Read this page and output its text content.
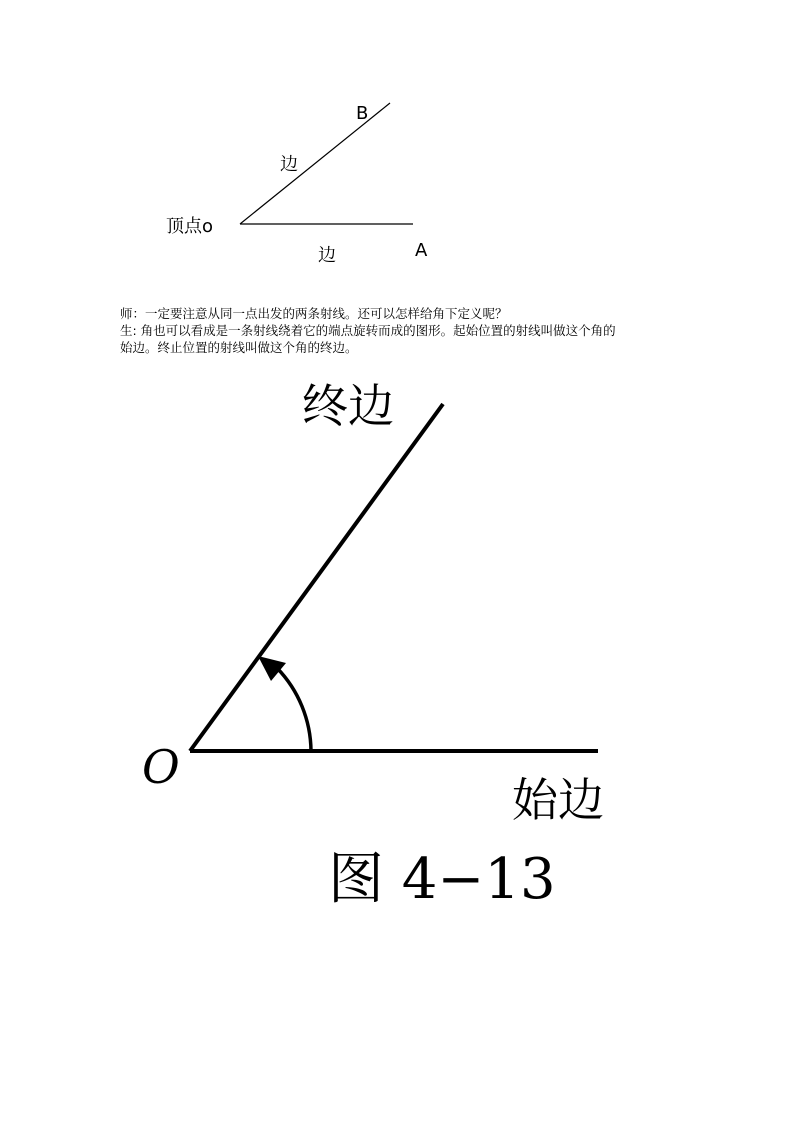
B
边
顶点o
A
边

师：一定要注意从同一点出发的两条射线。还可以怎样给角下定义呢？

生: 角也可以看成是一条射线绕着它的端点旋转而成的图形。起始位置的射线叫做这个角的

始边。终止位置的射线叫做这个角的终边。

终边
O
始边
图 4−13
